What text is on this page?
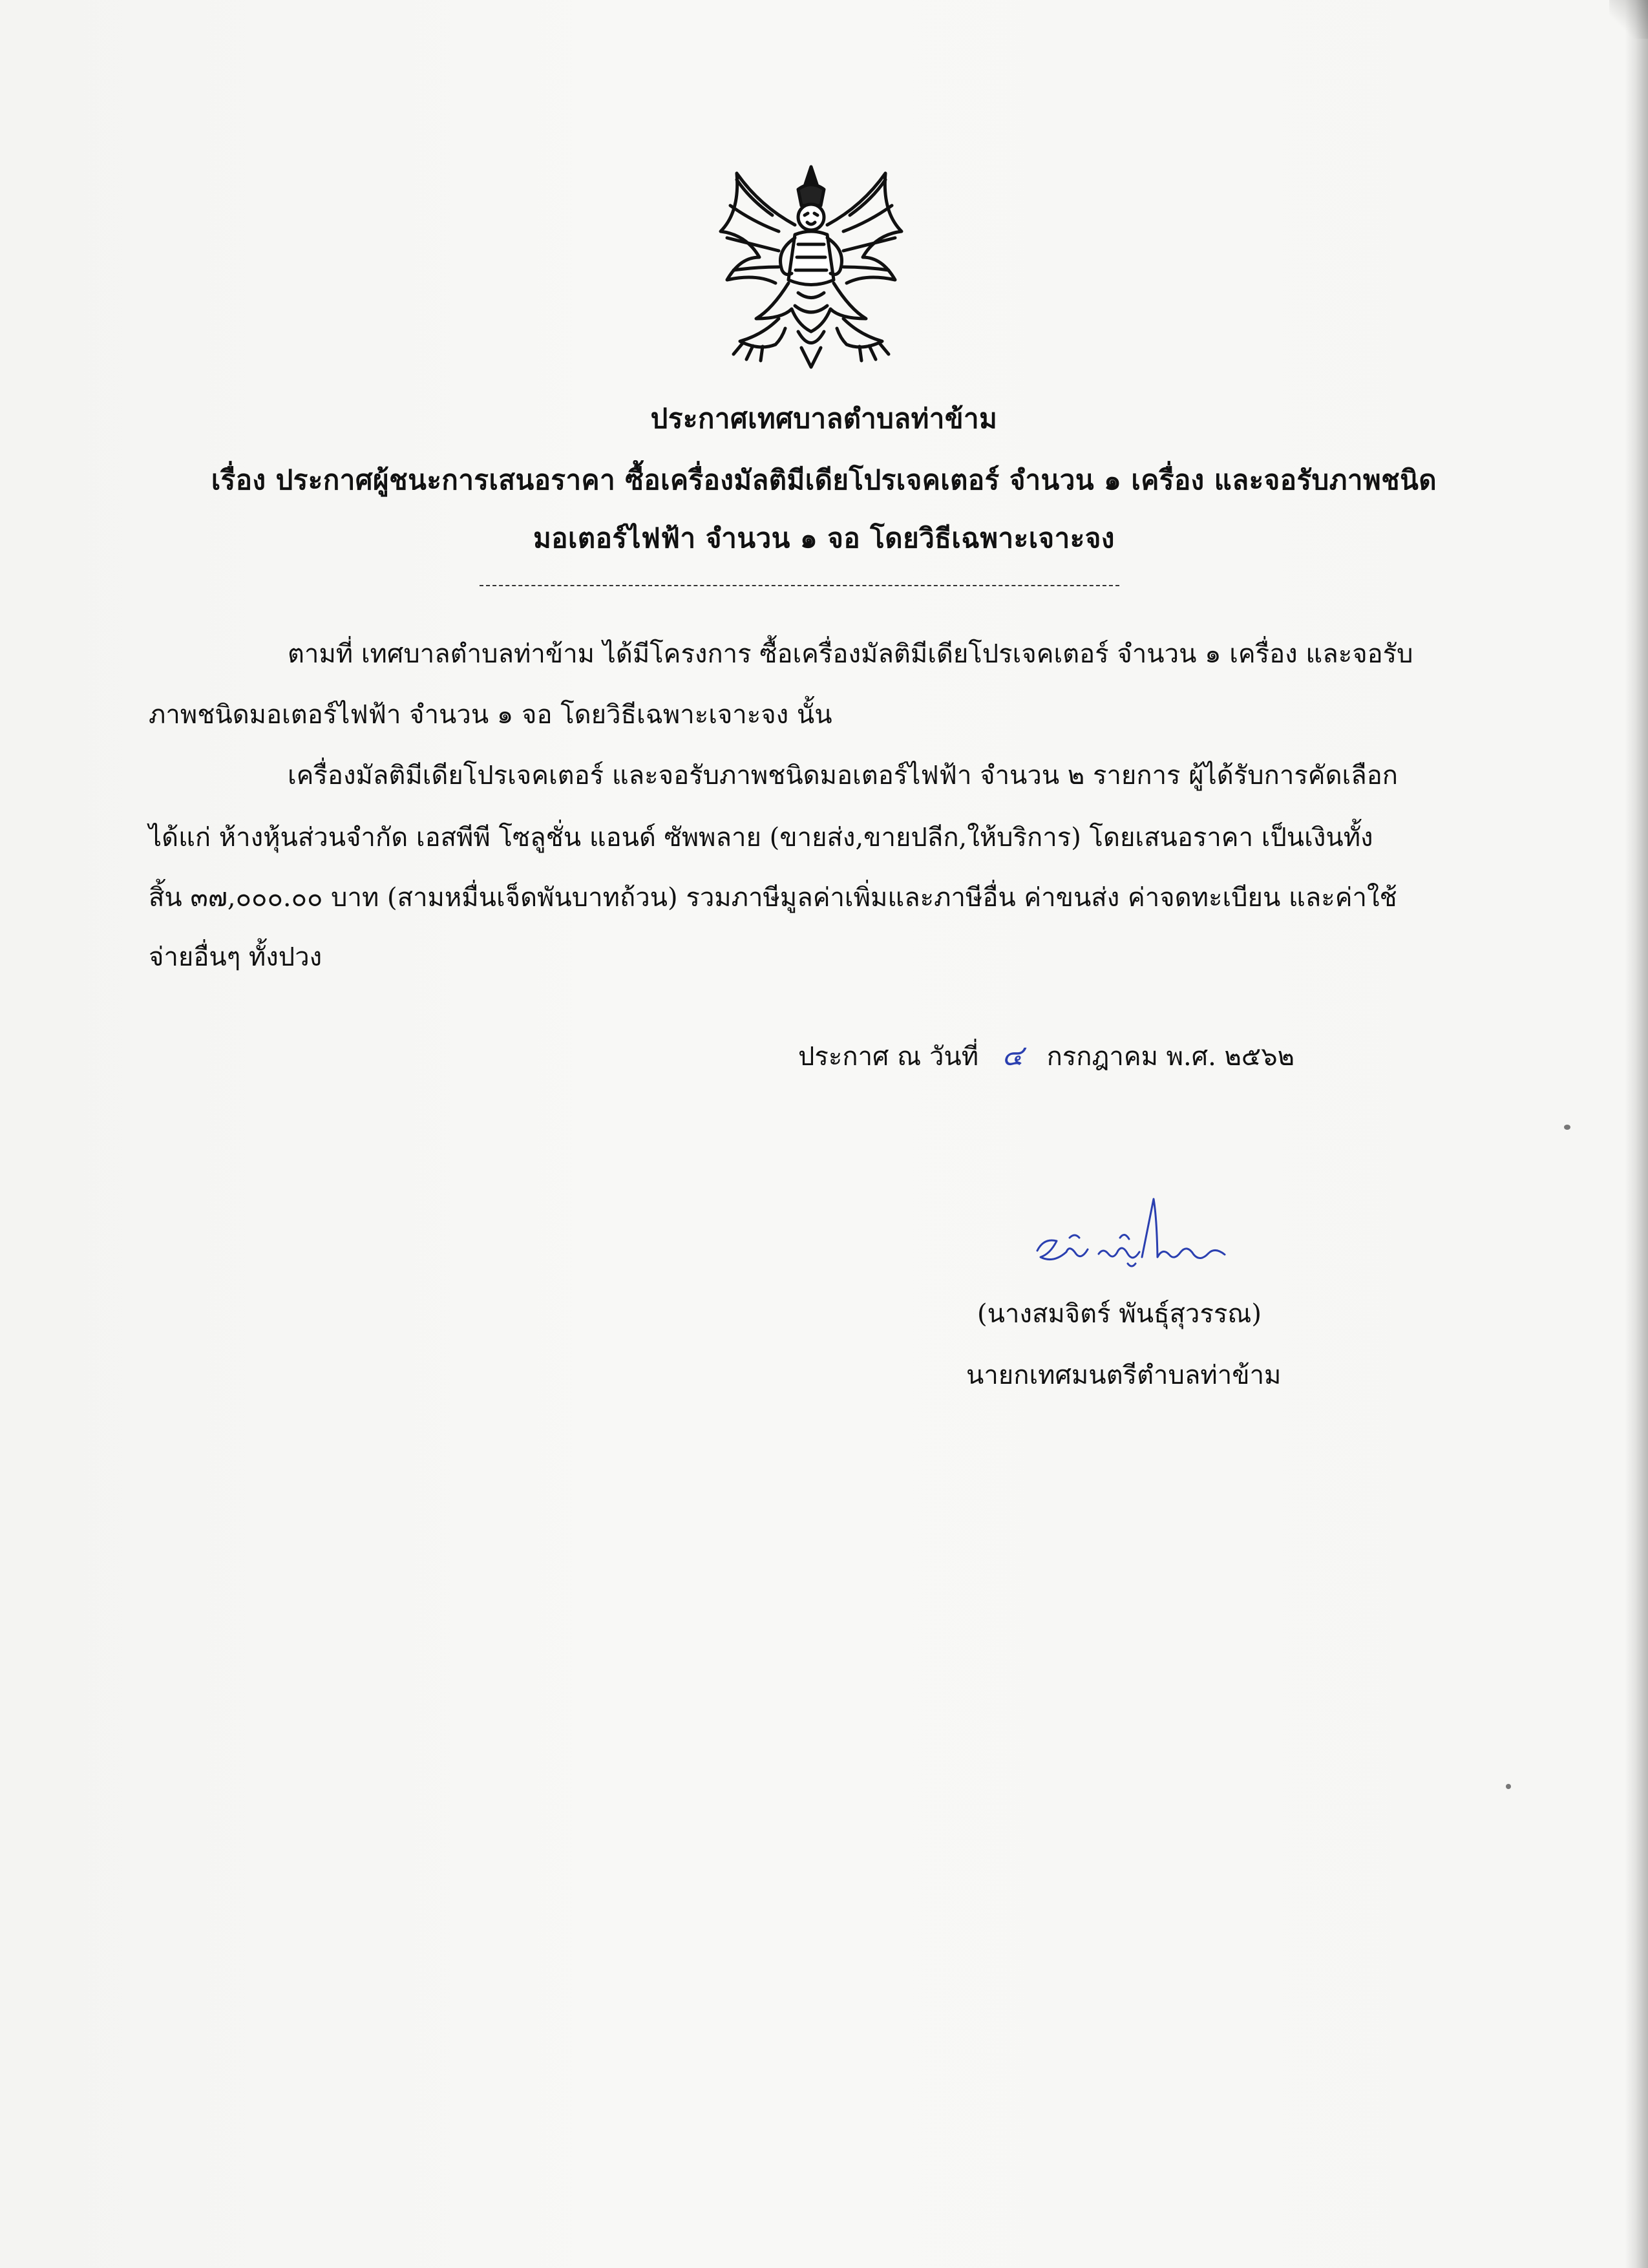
ประกาศเทศบาลตำบลท่าข้าม
เรื่อง ประกาศผู้ชนะการเสนอราคา ซื้อเครื่องมัลติมีเดียโปรเจคเตอร์ จำนวน ๑ เครื่อง และจอรับภาพชนิด
มอเตอร์ไฟฟ้า จำนวน ๑ จอ โดยวิธีเฉพาะเจาะจง
ตามที่ เทศบาลตำบลท่าข้าม ได้มีโครงการ ซื้อเครื่องมัลติมีเดียโปรเจคเตอร์ จำนวน ๑ เครื่อง และจอรับ
ภาพชนิดมอเตอร์ไฟฟ้า จำนวน ๑ จอ โดยวิธีเฉพาะเจาะจง นั้น
เครื่องมัลติมีเดียโปรเจคเตอร์ และจอรับภาพชนิดมอเตอร์ไฟฟ้า จำนวน ๒ รายการ ผู้ได้รับการคัดเลือก
ได้แก่ ห้างหุ้นส่วนจำกัด เอสพีพี โซลูชั่น แอนด์ ซัพพลาย (ขายส่ง,ขายปลีก,ให้บริการ) โดยเสนอราคา เป็นเงินทั้ง
สิ้น ๓๗,๐๐๐.๐๐ บาท (สามหมื่นเจ็ดพันบาทถ้วน) รวมภาษีมูลค่าเพิ่มและภาษีอื่น ค่าขนส่ง ค่าจดทะเบียน และค่าใช้
จ่ายอื่นๆ ทั้งปวง
ประกาศ ณ วันที่ ๔ กรกฎาคม พ.ศ. ๒๕๖๒
(นางสมจิตร์ พันธุ์สุวรรณ)
นายกเทศมนตรีตำบลท่าข้าม
